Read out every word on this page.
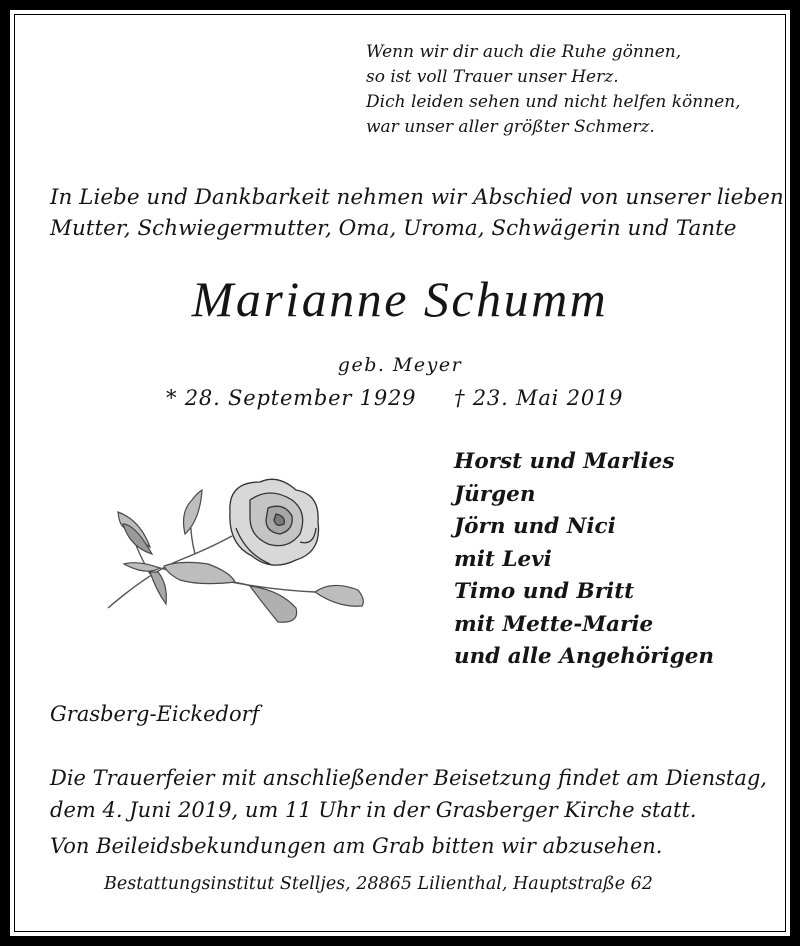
Wenn wir dir auch die Ruhe gönnen,
so ist voll Trauer unser Herz.
Dich leiden sehen und nicht helfen können,
war unser aller größter Schmerz.
In Liebe und Dankbarkeit nehmen wir Abschied von unserer lieben
Mutter, Schwiegermutter, Oma, Uroma, Schwägerin und Tante
Marianne Schumm
geb. Meyer
* 28. September 1929 † 23. Mai 2019
Horst und Marlies
Jürgen
Jörn und Nici
mit Levi
Timo und Britt
mit Mette-Marie
und alle Angehörigen
Grasberg-Eickedorf
Die Trauerfeier mit anschließender Beisetzung findet am Dienstag,
dem 4. Juni 2019, um 11 Uhr in der Grasberger Kirche statt.
Von Beileidsbekundungen am Grab bitten wir abzusehen.
Bestattungsinstitut Stelljes, 28865 Lilienthal, Hauptstraße 62
